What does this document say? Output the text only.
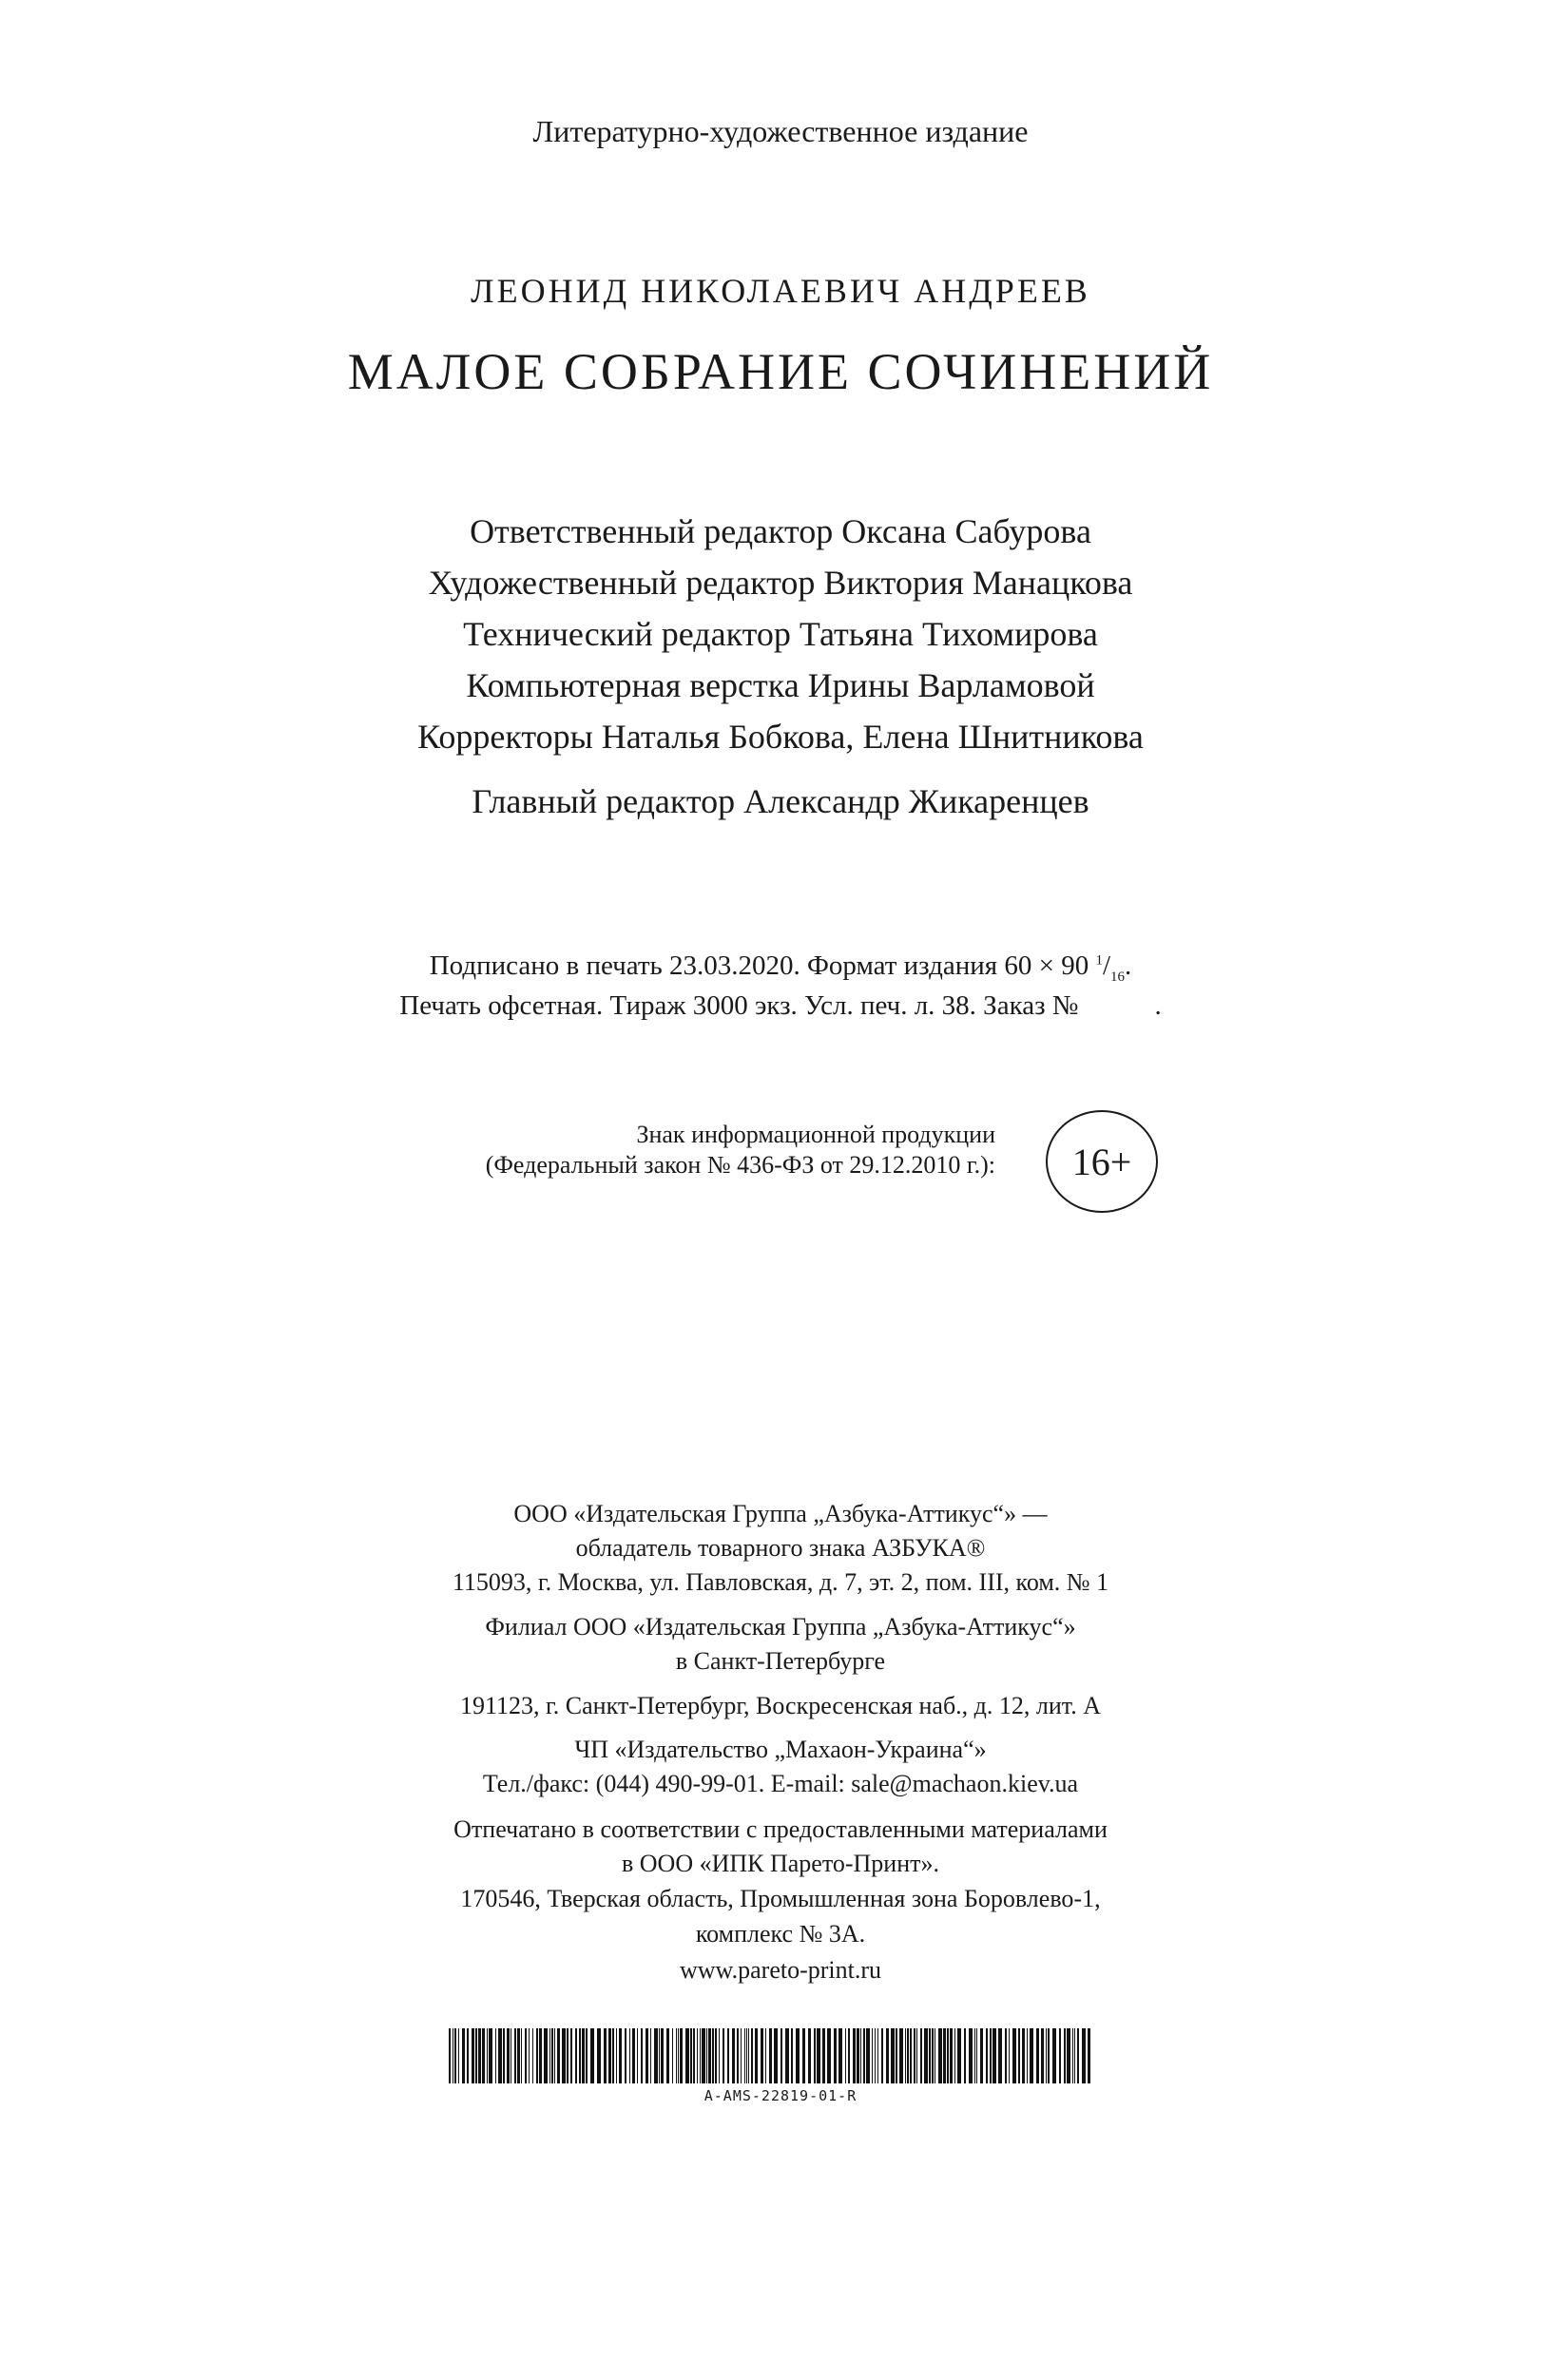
Литературно-художественное издание
ЛЕОНИД НИКОЛАЕВИЧ АНДРЕЕВ
МАЛОЕ СОБРАНИЕ СОЧИНЕНИЙ
Ответственный редактор Оксана Сабурова
Художественный редактор Виктория Манацкова
Технический редактор Татьяна Тихомирова
Компьютерная верстка Ирины Варламовой
Корректоры Наталья Бобкова, Елена Шнитникова
Главный редактор Александр Жикаренцев
Подписано в печать 23.03.2020. Формат издания 60 × 90 $^1/_{16}$.
Печать офсетная. Тираж 3000 экз. Усл. печ. л. 38. Заказ №	.
Знак информационной продукции
(Федеральный закон № 436-ФЗ от 29.12.2010 г.): 16+
ООО «Издательская Группа „Азбука-Аттикус“» —
обладатель товарного знака АЗБУКА®
115093, г. Москва, ул. Павловская, д. 7, эт. 2, пом. III, ком. № 1
Филиал ООО «Издательская Группа „Азбука-Аттикус“»
в Санкт-Петербурге
191123, г. Санкт-Петербург, Воскресенская наб., д. 12, лит. А
ЧП «Издательство „Махаон-Украина“»
Тел./факс: (044) 490-99-01. E-mail: sale@machaon.kiev.ua
Отпечатано в соответствии с предоставленными материалами
в ООО «ИПК Парето-Принт».
170546, Тверская область, Промышленная зона Боровлево-1,
комплекс № 3А.
www.pareto-print.ru
A-AMS-22819-01-R
